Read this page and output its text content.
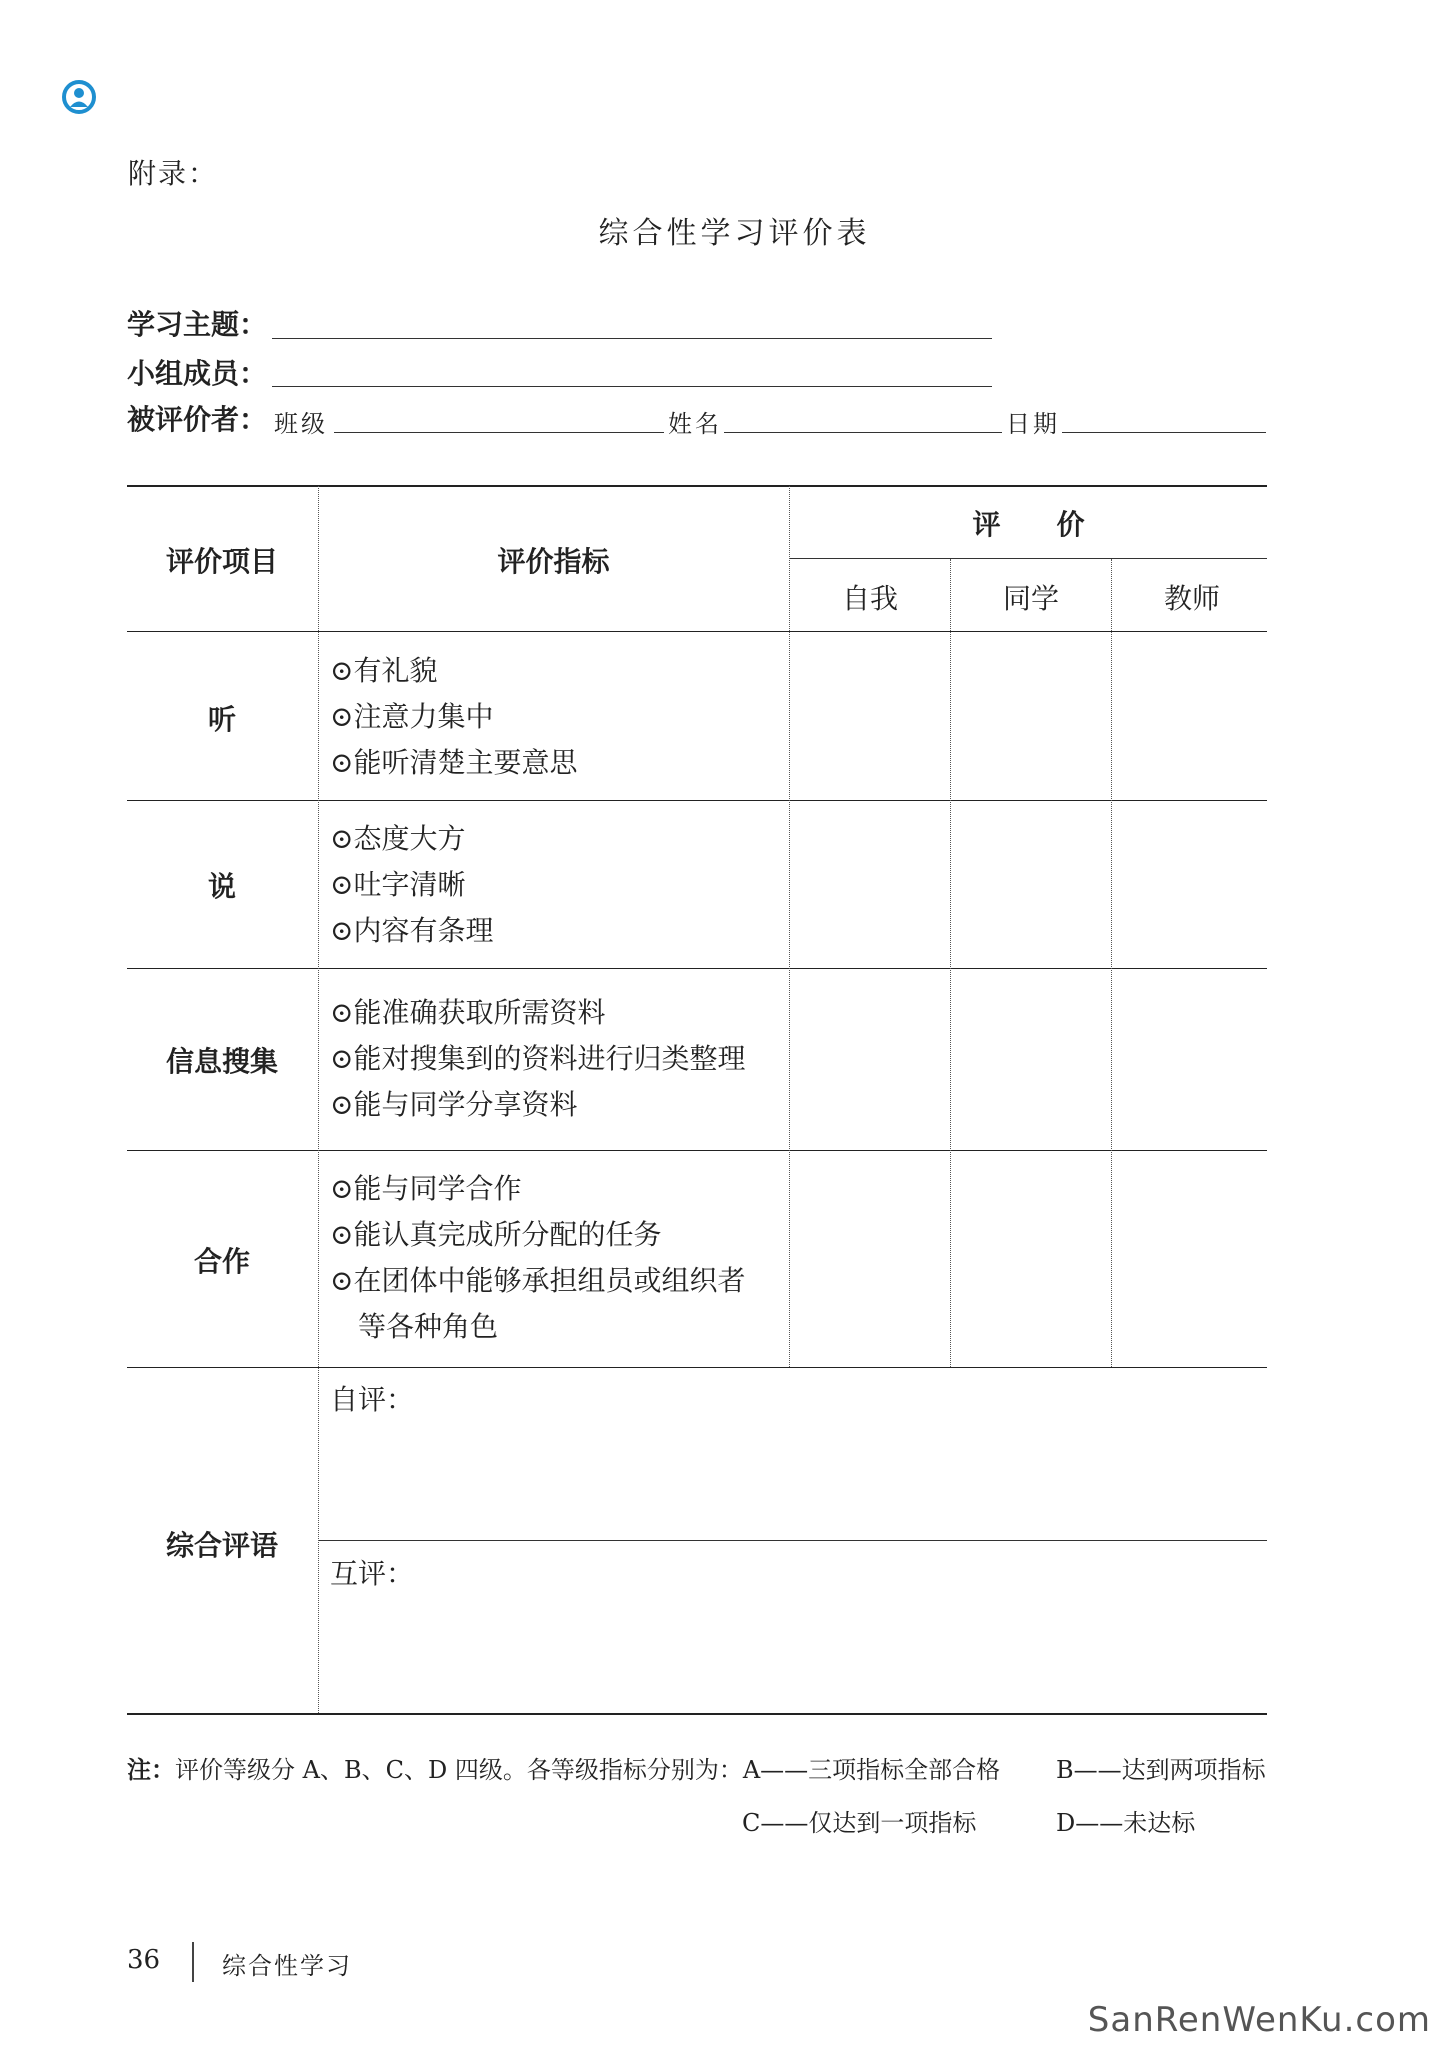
附录：
综合性学习评价表
学习主题：
小组成员：
被评价者： 班级	姓名	日期
评价项目	评价指标
评　　价
自我	同学	教师
听
⊙有礼貌
⊙注意力集中
⊙能听清楚主要意思
说
⊙态度大方
⊙吐字清晰
⊙内容有条理
信息搜集
⊙能准确获取所需资料
⊙能对搜集到的资料进行归类整理
⊙能与同学分享资料
合作
⊙能与同学合作
⊙能认真完成所分配的任务
⊙在团体中能够承担组员或组织者
等各种角色
综合评语
自评：
互评：
注：评价等级分 A、B、C、D 四级。各等级指标分别为：A——三项指标全部合格 B——达到两项指标
C——仅达到一项指标	D——未达标
36	综合性学习
SanRenWenKu.com
